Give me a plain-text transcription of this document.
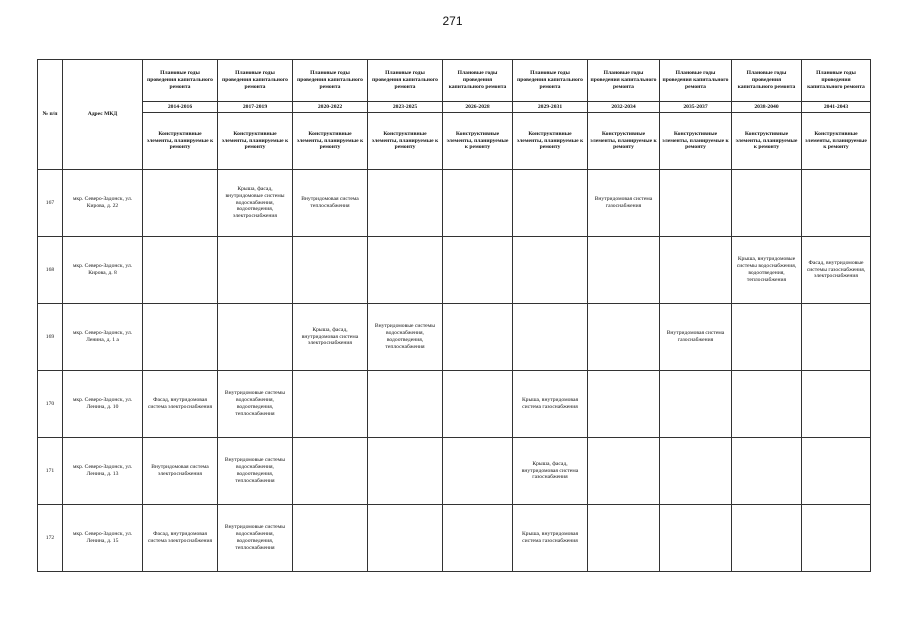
271
№ п/п	Адрес МКД	Плановые годы проведения капитального ремонта	Плановые годы проведения капитального ремонта	Плановые годы проведения капитального ремонта	Плановые годы проведения капитального ремонта	Плановые годы проведения капитального ремонта	Плановые годы проведения капитального ремонта	Плановые годы проведения капитального ремонта	Плановые годы проведения капитального ремонта	Плановые годы проведения капитального ремонта	Плановые годы проведения капитального ремонта
		2014-2016	2017-2019	2020-2022	2023-2025	2026-2028	2029-2031	2032-2034	2035-2037	2038-2040	2041-2043
		Конструктивные элементы, планируемые к ремонту	Конструктивные элементы, планируемые к ремонту	Конструктивные элементы, планируемые к ремонту	Конструктивные элементы, планируемые к ремонту	Конструктивные элементы, планируемые к ремонту	Конструктивные элементы, планируемые к ремонту	Конструктивные элементы, планируемые к ремонту	Конструктивные элементы, планируемые к ремонту	Конструктивные элементы, планируемые к ремонту	Конструктивные элементы, планируемые к ремонту
167	мкр. Северо-Задонск, ул. Кирова, д. 22		Крыша, фасад, внутридомовые системы водоснабжения, водоотведения, электроснабжения	Внутридомовая система теплоснабжения				Внутридомовая система газоснабжения			
168	мкр. Северо-Задонск, ул. Кирова, д. 8									Крыша, внутридомовые системы водоснабжения, водоотведения, теплоснабжения	Фасад, внутридомовые системы газоснабжения, электроснабжения
169	мкр. Северо-Задонск, ул. Ленина, д. 1 а			Крыша, фасад, внутридомовая система электроснабжения	Внутридомовые системы водоснабжения, водоотведения, теплоснабжения				Внутридомовая система газоснабжения		
170	мкр. Северо-Задонск, ул. Ленина, д. 10	Фасад, внутридомовая система электроснабжения	Внутридомовые системы водоснабжения, водоотведения, теплоснабжения				Крыша, внутридомовая система газоснабжения				
171	мкр. Северо-Задонск, ул. Ленина, д. 13	Внутридомовая система электроснабжения	Внутридомовые системы водоснабжения, водоотведения, теплоснабжения				Крыша, фасад, внутридомовая система газоснабжения				
172	мкр. Северо-Задонск, ул. Ленина, д. 15	Фасад, внутридомовая система электроснабжения	Внутридомовые системы водоснабжения, водоотведения, теплоснабжения				Крыша, внутридомовая система газоснабжения				
